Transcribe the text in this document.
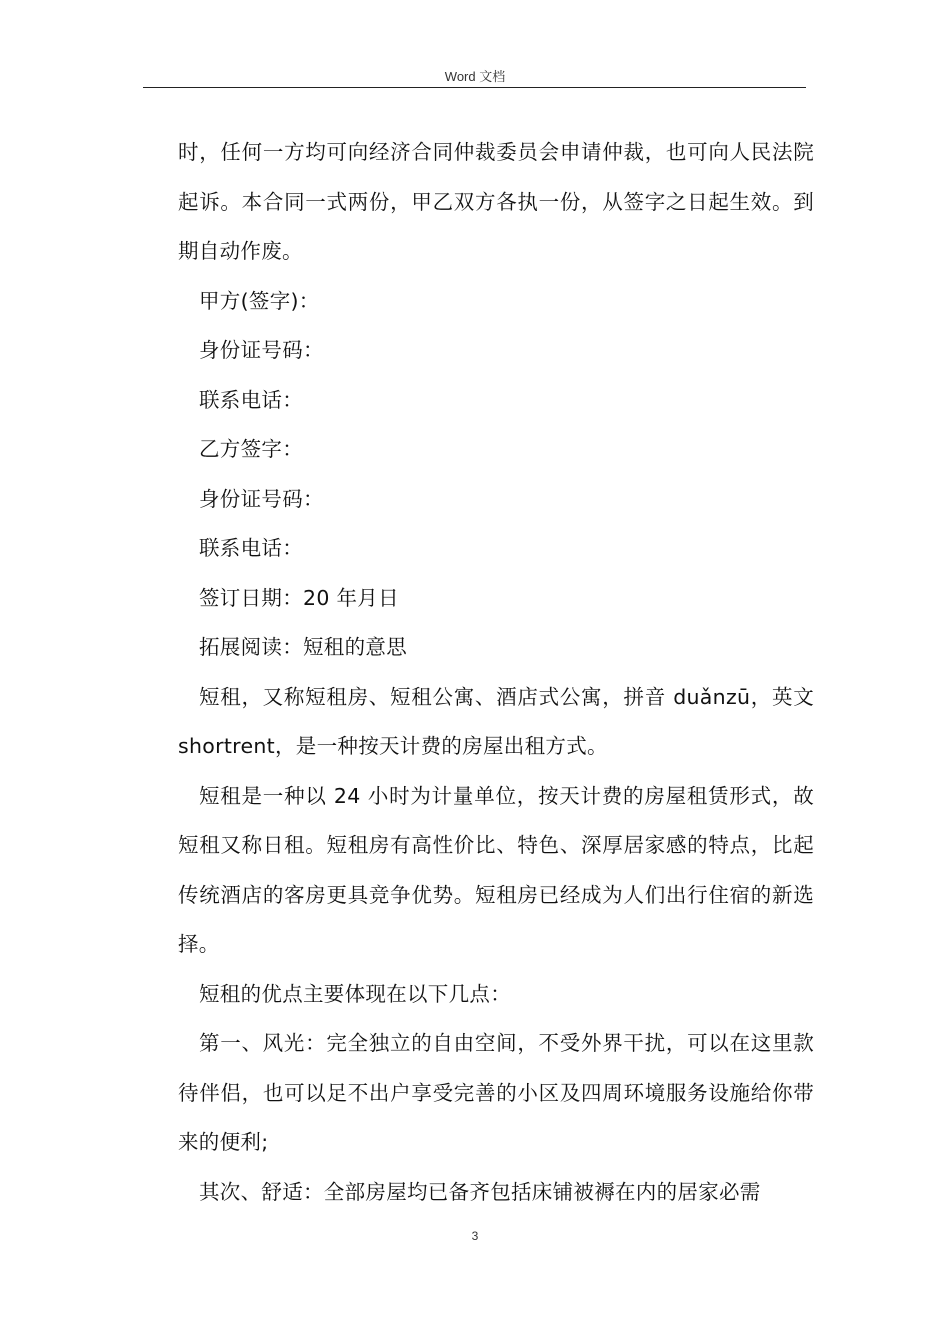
Word 文档

时，任何一方均可向经济合同仲裁委员会申请仲裁，也可向人民法院起诉。本合同一式两份，甲乙双方各执一份，从签字之日起生效。到期自动作废。

甲方(签字)：

身份证号码：

联系电话：

乙方签字：

身份证号码：

联系电话：

签订日期：20 年月日

拓展阅读：短租的意思

短租，又称短租房、短租公寓、酒店式公寓，拼音 duǎnzū，英文 shortrent，是一种按天计费的房屋出租方式。

短租是一种以 24 小时为计量单位，按天计费的房屋租赁形式，故短租又称日租。短租房有高性价比、特色、深厚居家感的特点，比起传统酒店的客房更具竞争优势。短租房已经成为人们出行住宿的新选择。

短租的优点主要体现在以下几点：

第一、风光：完全独立的自由空间，不受外界干扰，可以在这里款待伴侣，也可以足不出户享受完善的小区及四周环境服务设施给你带来的便利;

其次、舒适：全部房屋均已备齐包括床铺被褥在内的居家必需

3
